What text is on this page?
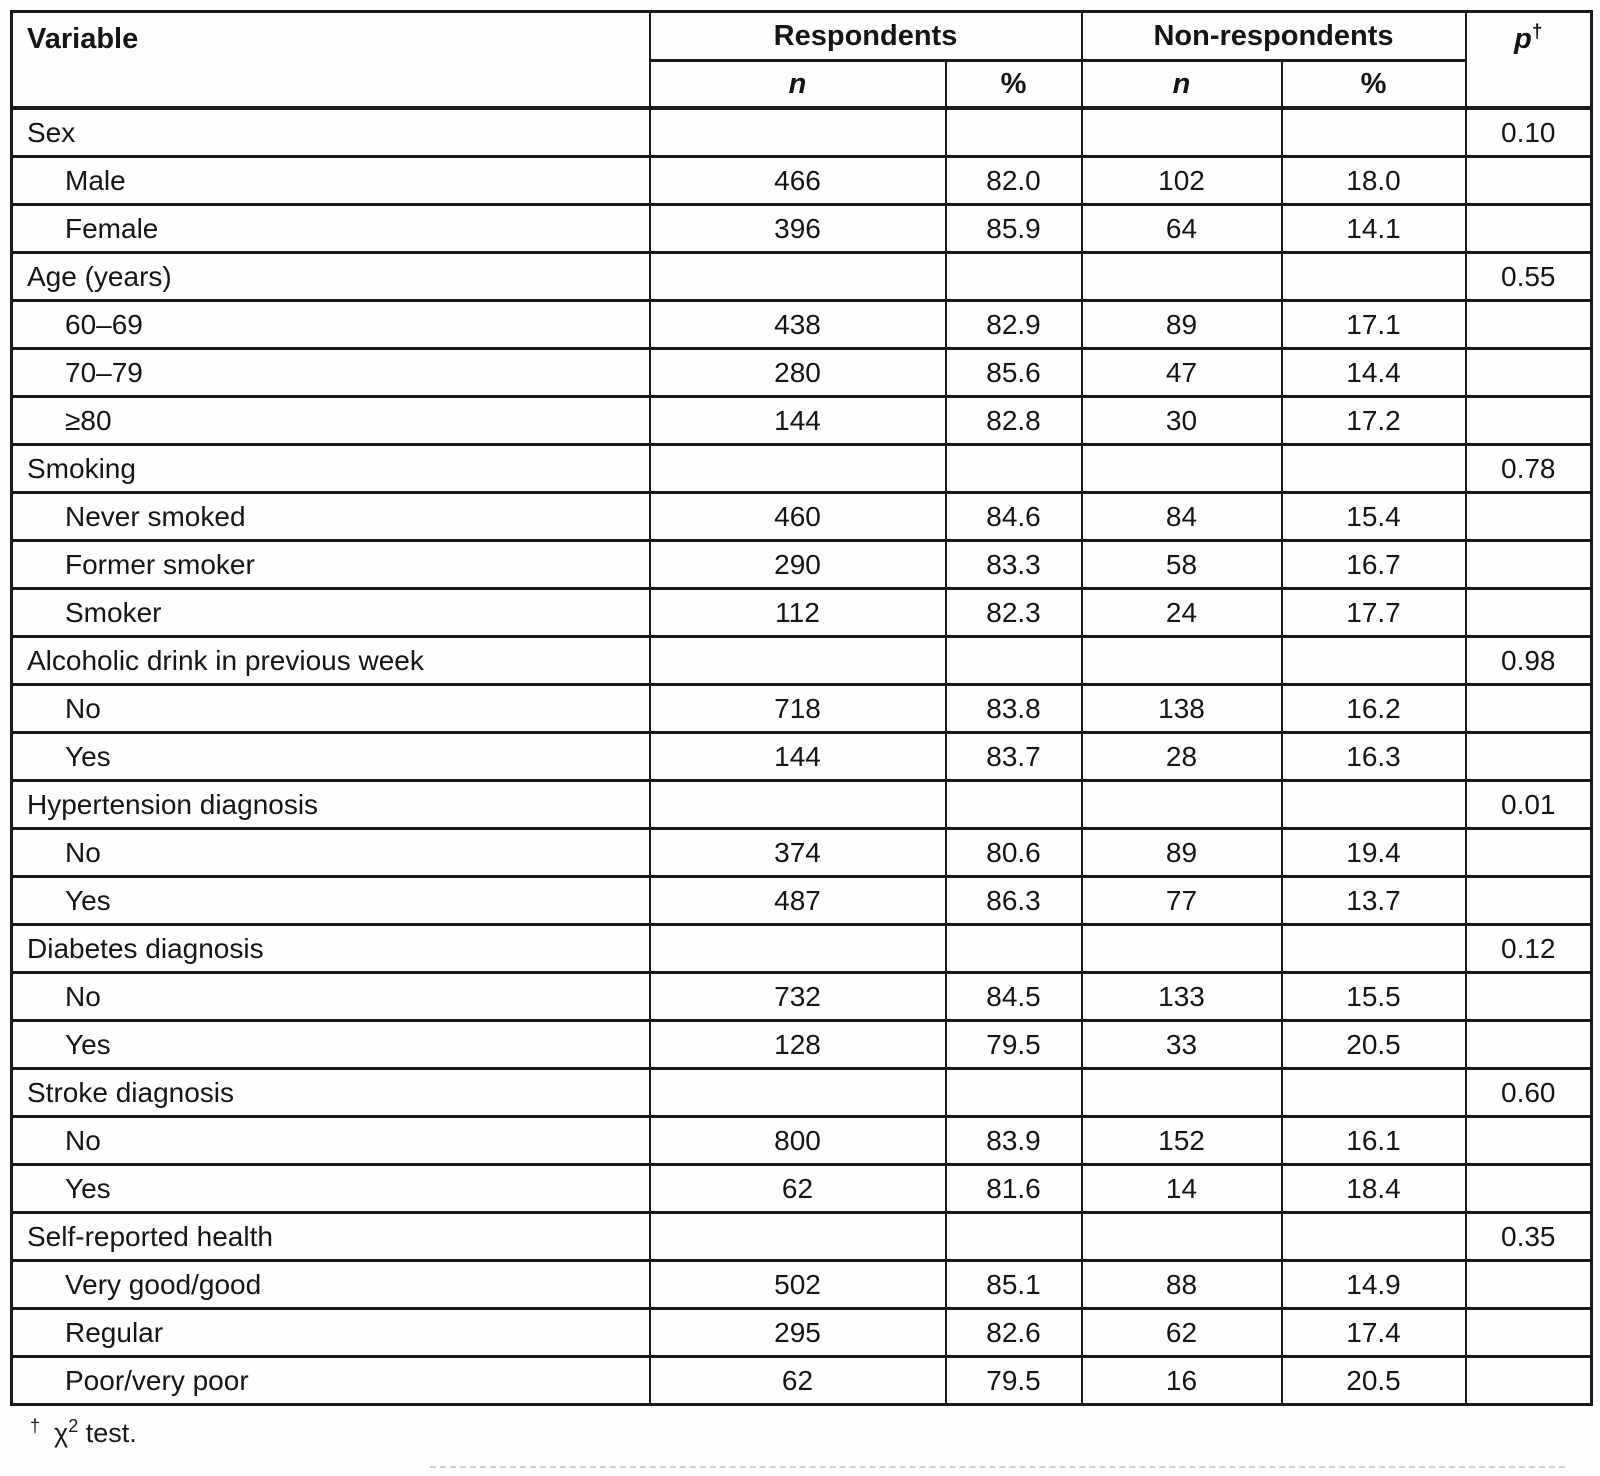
Variable	Respondents		Non-respondents		p†
	n	%	n	%	
Sex					0.10
Male	466	82.0	102	18.0	
Female	396	85.9	64	14.1	
Age (years)					0.55
60–69	438	82.9	89	17.1	
70–79	280	85.6	47	14.4	
≥80	144	82.8	30	17.2	
Smoking					0.78
Never smoked	460	84.6	84	15.4	
Former smoker	290	83.3	58	16.7	
Smoker	112	82.3	24	17.7	
Alcoholic drink in previous week					0.98
No	718	83.8	138	16.2	
Yes	144	83.7	28	16.3	
Hypertension diagnosis					0.01
No	374	80.6	89	19.4	
Yes	487	86.3	77	13.7	
Diabetes diagnosis					0.12
No	732	84.5	133	15.5	
Yes	128	79.5	33	20.5	
Stroke diagnosis					0.60
No	800	83.9	152	16.1	
Yes	62	81.6	14	18.4	
Self-reported health					0.35
Very good/good	502	85.1	88	14.9	
Regular	295	82.6	62	17.4	
Poor/very poor	62	79.5	16	20.5	
† $\chi^2$ test.
